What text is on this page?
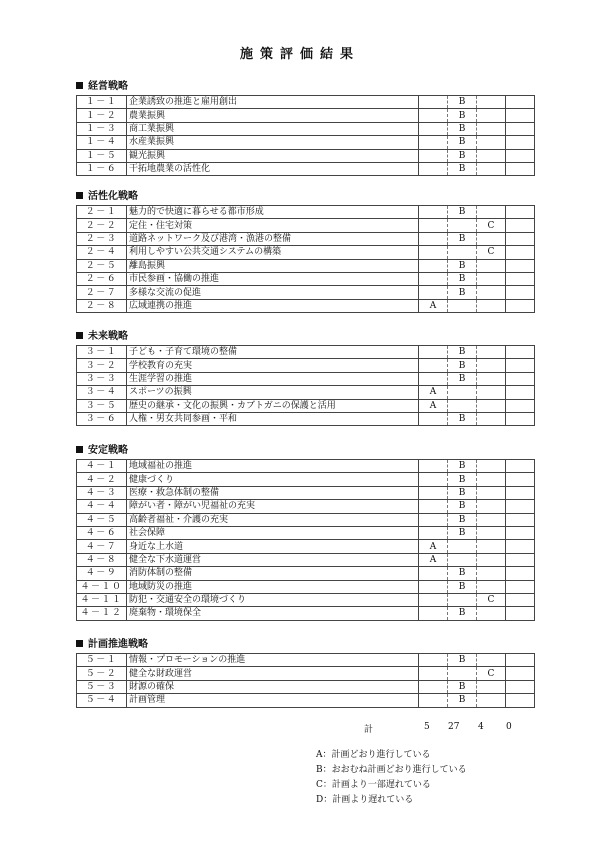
施策評価結果
経営戦略
１－１	企業誘致の推進と雇用創出		B		
１－２	農業振興		B		
１－３	商工業振興		B		
１－４	水産業振興		B		
１－５	観光振興		B		
１－６	干拓地農業の活性化		B		
活性化戦略
２－１	魅力的で快適に暮らせる都市形成		B		
２－２	定住・住宅対策			C	
２－３	道路ネットワーク及び港湾・漁港の整備		B		
２－４	利用しやすい公共交通システムの構築			C	
２－５	離島振興		B		
２－６	市民参画・協働の推進		B		
２－７	多様な交流の促進		B		
２－８	広域連携の推進	A			
未来戦略
３－１	子ども・子育て環境の整備		B		
３－２	学校教育の充実		B		
３－３	生涯学習の推進		B		
３－４	スポーツの振興	A			
３－５	歴史の継承・文化の振興・カブトガニの保護と活用	A			
３－６	人権・男女共同参画・平和		B		
安定戦略
４－１	地域福祉の推進		B		
４－２	健康づくり		B		
４－３	医療・救急体制の整備		B		
４－４	障がい者・障がい児福祉の充実		B		
４－５	高齢者福祉・介護の充実		B		
４－６	社会保障		B		
４－７	身近な上水道	A			
４－８	健全な下水道運営	A			
４－９	消防体制の整備		B		
４－１０	地域防災の推進		B		
４－１１	防犯・交通安全の環境づくり			C	
４－１２	廃棄物・環境保全		B		
計画推進戦略
５－１	情報・プロモーションの推進		B		
５－２	健全な財政運営			C	
５－３	財源の確保		B		
５－４	計画管理		B		
計	5 27 4 0
A：計画どおり進行している
B：おおむね計画どおり進行している
C：計画より一部遅れている
D：計画より遅れている
